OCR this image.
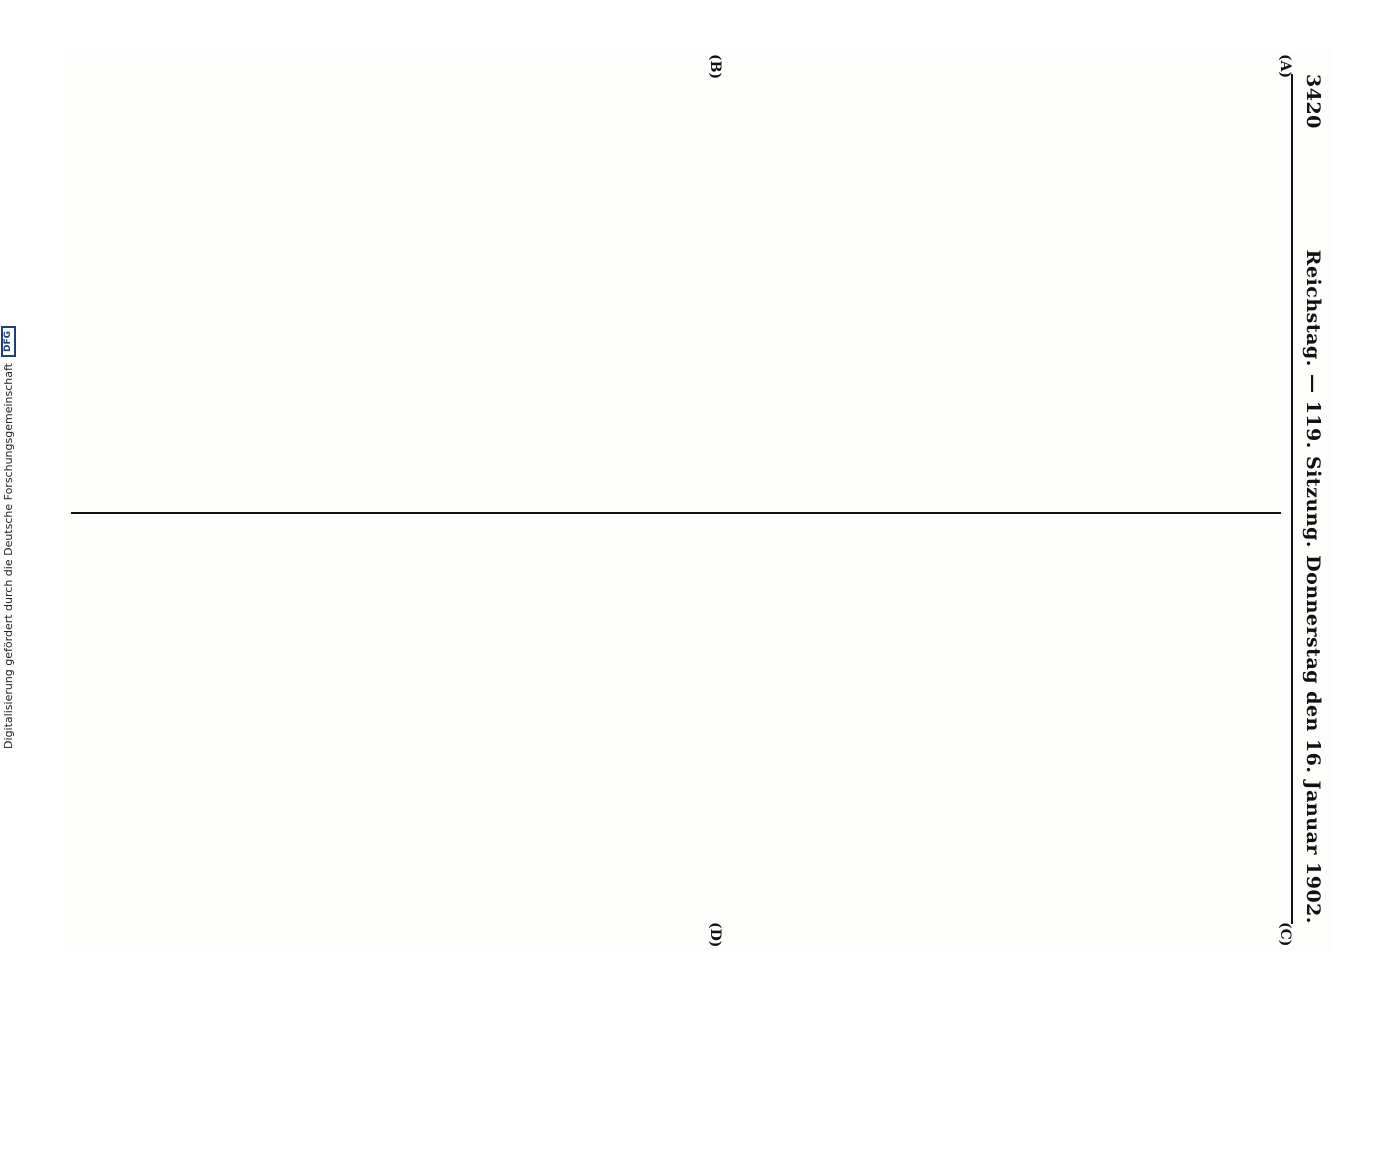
3420
Reichstag. — 119. Sitzung. Donnerstag den 16. Januar 1902.
(A)
(B)
(C)
(D)
Digitalisierung gefördert durch die Deutsche Forschungsgemeinschaft
DFG
